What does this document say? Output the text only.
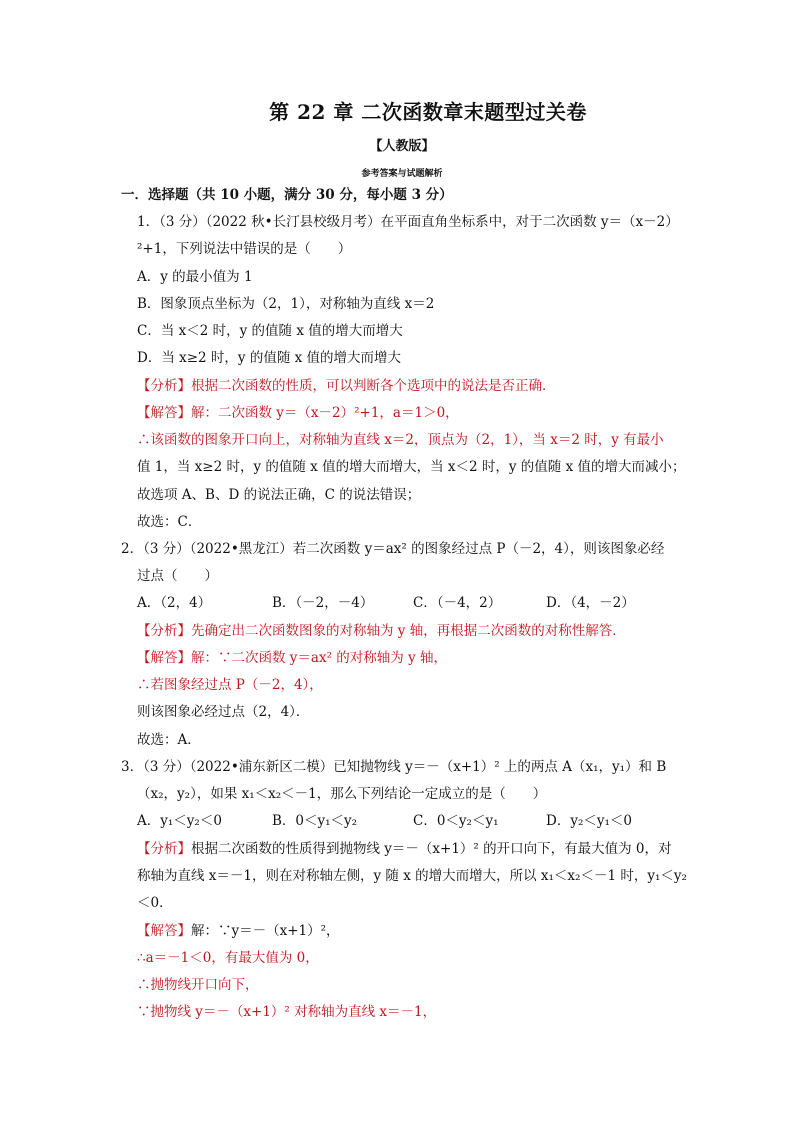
第 22 章 二次函数章末题型过关卷
【人教版】
参考答案与试题解析
一．选择题（共 10 小题，满分 30 分，每小题 3 分）
1．（3 分）（2022 秋•长汀县校级月考）在平面直角坐标系中，对于二次函数 y＝（x－2）
²+1，下列说法中错误的是（　　）
A．y 的最小值为 1
B．图象顶点坐标为（2，1），对称轴为直线 x＝2
C．当 x＜2 时，y 的值随 x 值的增大而增大
D．当 x≥2 时，y 的值随 x 值的增大而增大
【分析】根据二次函数的性质，可以判断各个选项中的说法是否正确．
【解答】解：二次函数 y＝（x－2）²+1，a＝1＞0，
∴该函数的图象开口向上，对称轴为直线 x＝2，顶点为（2，1），当 x＝2 时，y 有最小
值 1，当 x≥2 时，y 的值随 x 值的增大而增大，当 x＜2 时，y 的值随 x 值的增大而减小；
故选项 A、B、D 的说法正确，C 的说法错误；
故选：C．
2．（3 分）（2022•黑龙江）若二次函数 y＝ax² 的图象经过点 P（－2，4），则该图象必经
过点（　　）
A．（2，4）	B．（－2，－4）	C．（－4，2）	D．（4，－2）
【分析】先确定出二次函数图象的对称轴为 y 轴，再根据二次函数的对称性解答．
【解答】解：∵二次函数 y＝ax² 的对称轴为 y 轴，
∴若图象经过点 P（－2，4），
则该图象必经过点（2，4）．
故选：A．
3．（3 分）（2022•浦东新区二模）已知抛物线 y＝－（x+1）² 上的两点 A（x₁，y₁）和 B
（x₂，y₂），如果 x₁＜x₂＜－1，那么下列结论一定成立的是（　　）
A．y₁＜y₂＜0	B．0＜y₁＜y₂	C．0＜y₂＜y₁	D．y₂＜y₁＜0
【分析】根据二次函数的性质得到抛物线 y＝－（x+1）² 的开口向下，有最大值为 0，对
称轴为直线 x＝－1，则在对称轴左侧，y 随 x 的增大而增大，所以 x₁＜x₂＜－1 时，y₁＜y₂
＜0．
【解答】解：∵y＝－（x+1）²，
∴a＝－1＜0，有最大值为 0，
∴抛物线开口向下，
∵抛物线 y＝－（x+1）² 对称轴为直线 x＝－1，
